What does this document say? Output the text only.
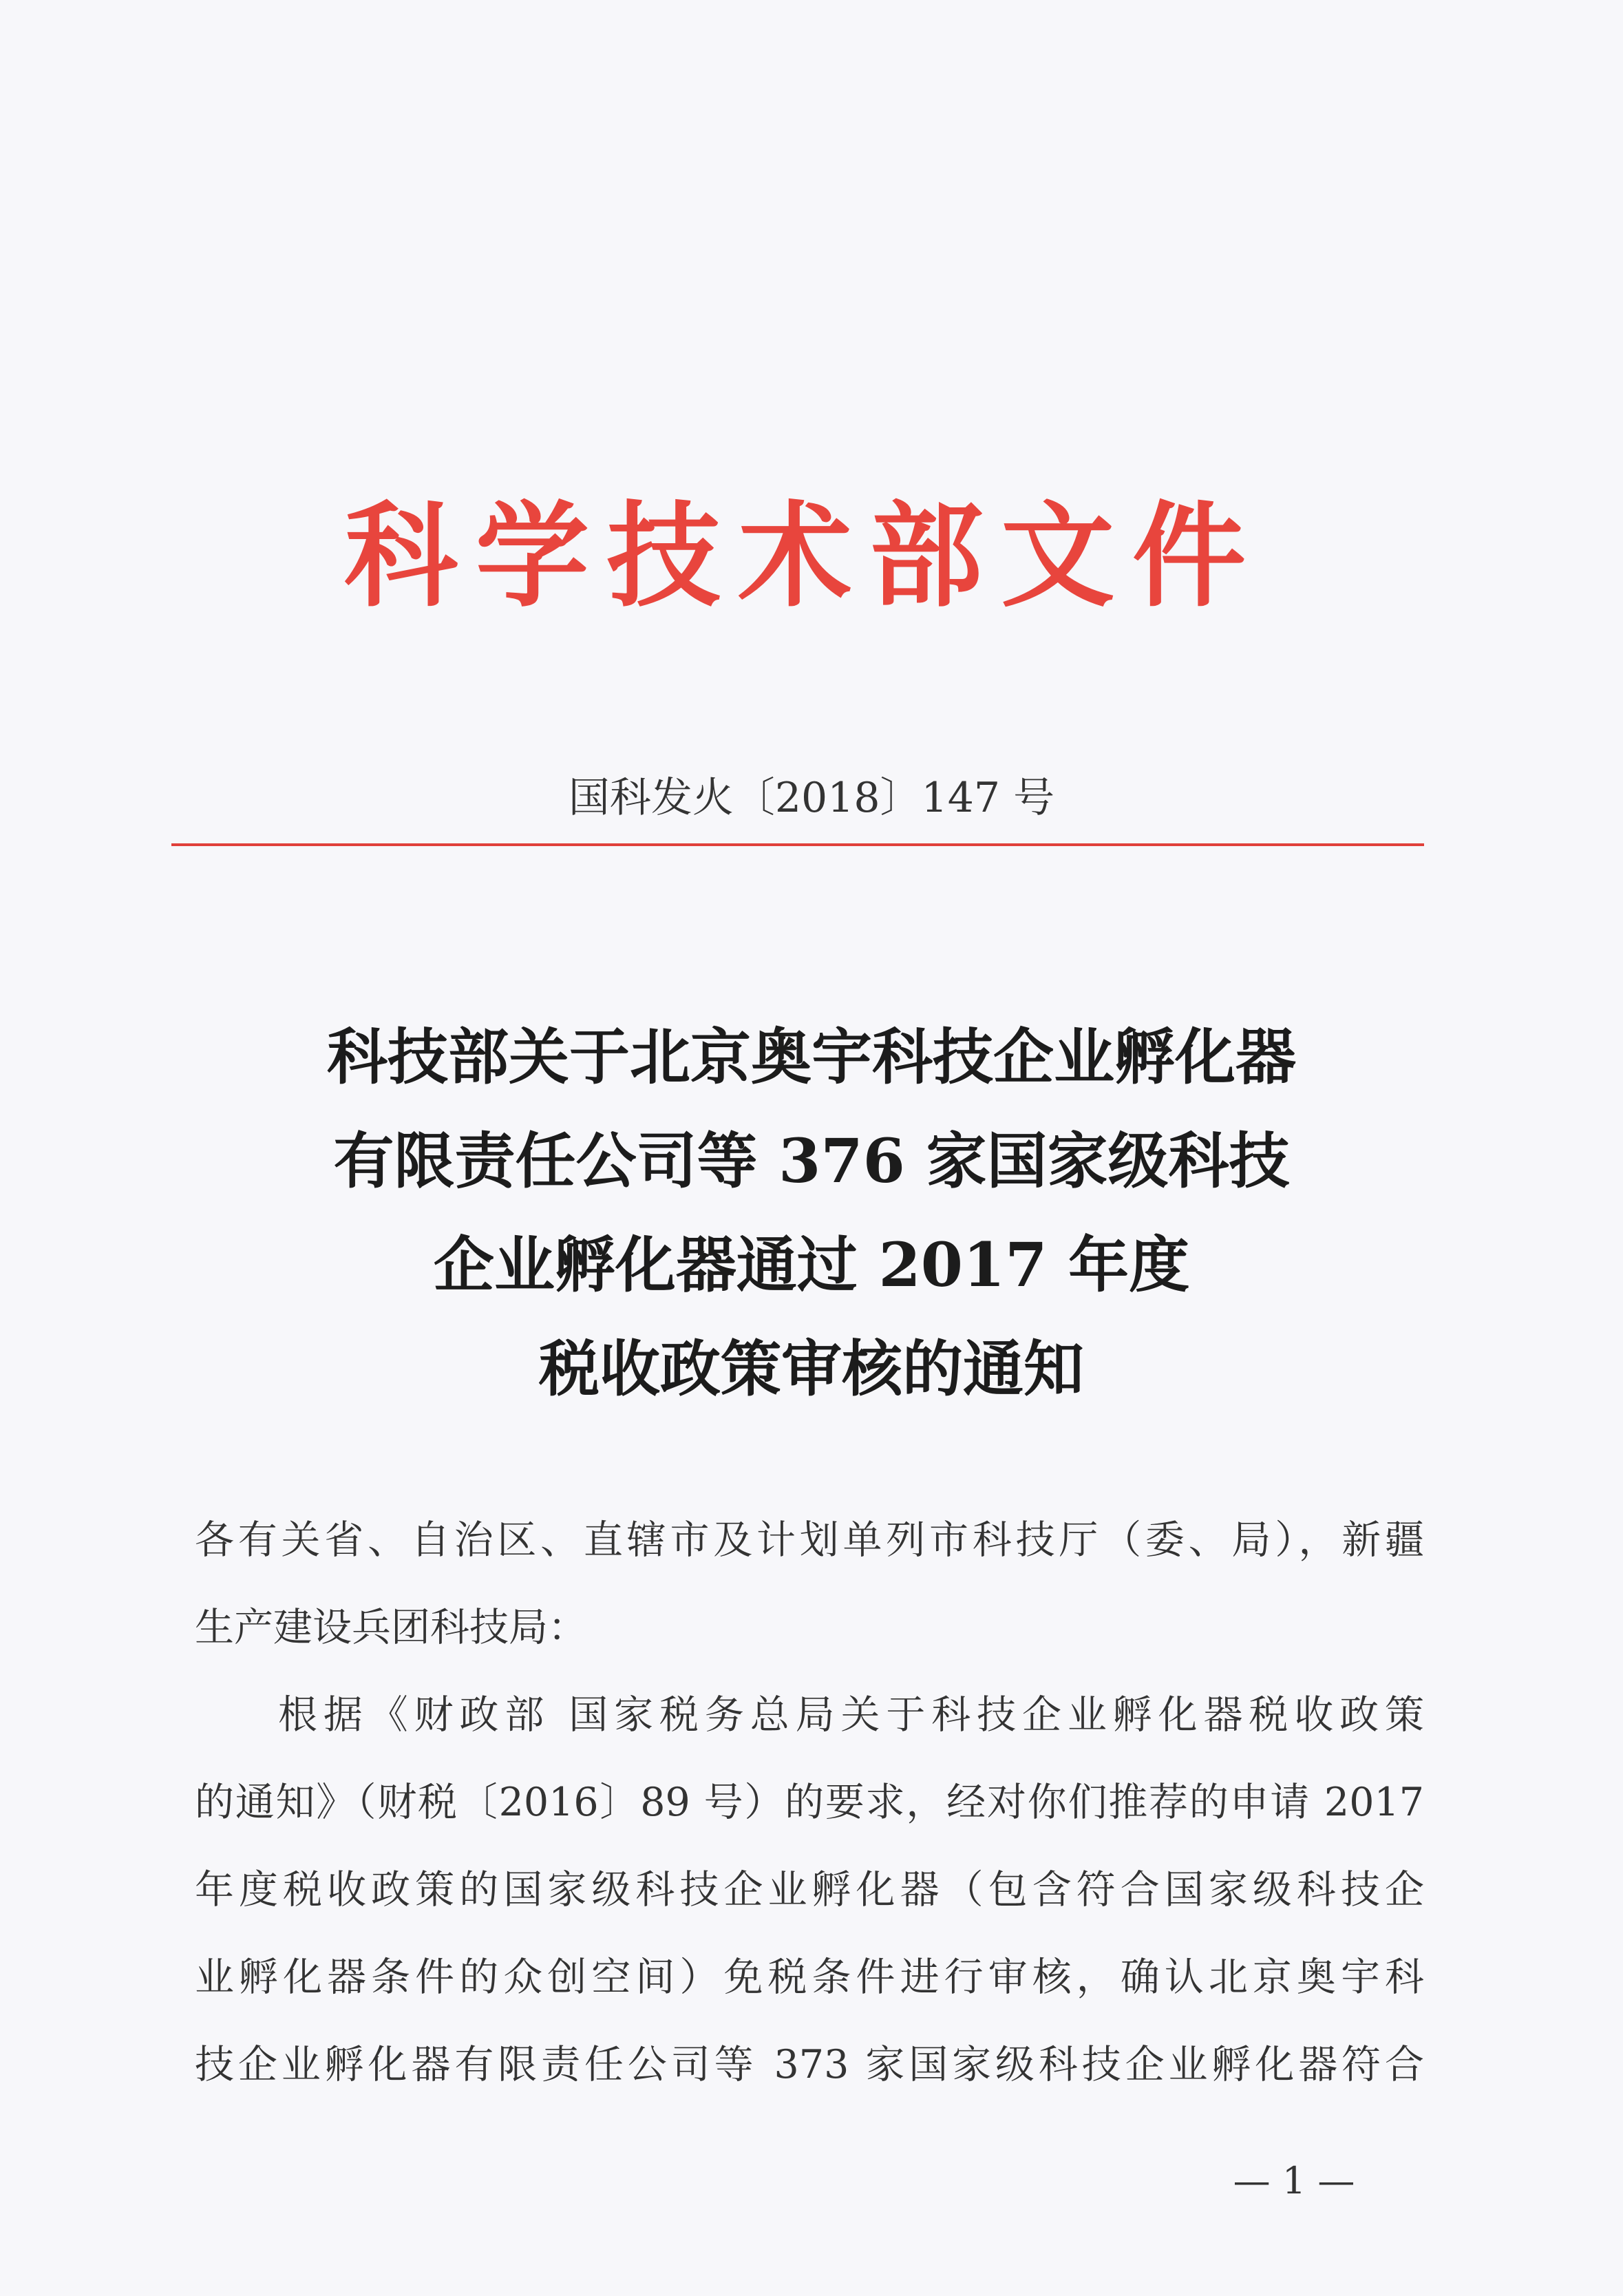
科学技术部文件
国科发火〔2018〕147 号
科技部关于北京奥宇科技企业孵化器
有限责任公司等 376 家国家级科技
企业孵化器通过 2017 年度
税收政策审核的通知
各有关省、自治区、直辖市及计划单列市科技厅（委、局），新疆
生产建设兵团科技局：
根据《财政部 国家税务总局关于科技企业孵化器税收政策
的通知》（财税〔2016〕89 号）的要求，经对你们推荐的申请 2017
年度税收政策的国家级科技企业孵化器（包含符合国家级科技企
业孵化器条件的众创空间）免税条件进行审核，确认北京奥宇科
技企业孵化器有限责任公司等 373 家国家级科技企业孵化器符合
— 1 —
